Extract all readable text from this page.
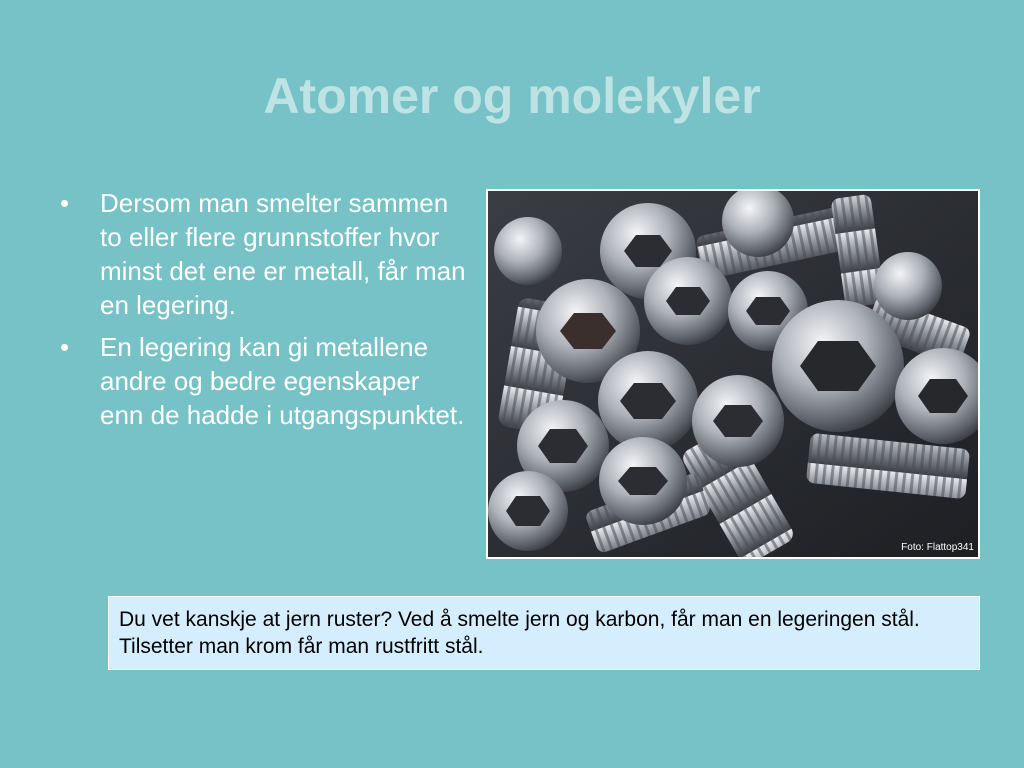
Atomer og molekyler
• Dersom man smelter sammen to eller flere grunnstoffer hvor minst det ene er metall, får man en legering.
• En legering kan gi metallene andre og bedre egenskaper enn de hadde i utgangspunktet.
Foto: Flattop341
Du vet kanskje at jern ruster? Ved å smelte jern og karbon, får man en legeringen stål. Tilsetter man krom får man rustfritt stål.
